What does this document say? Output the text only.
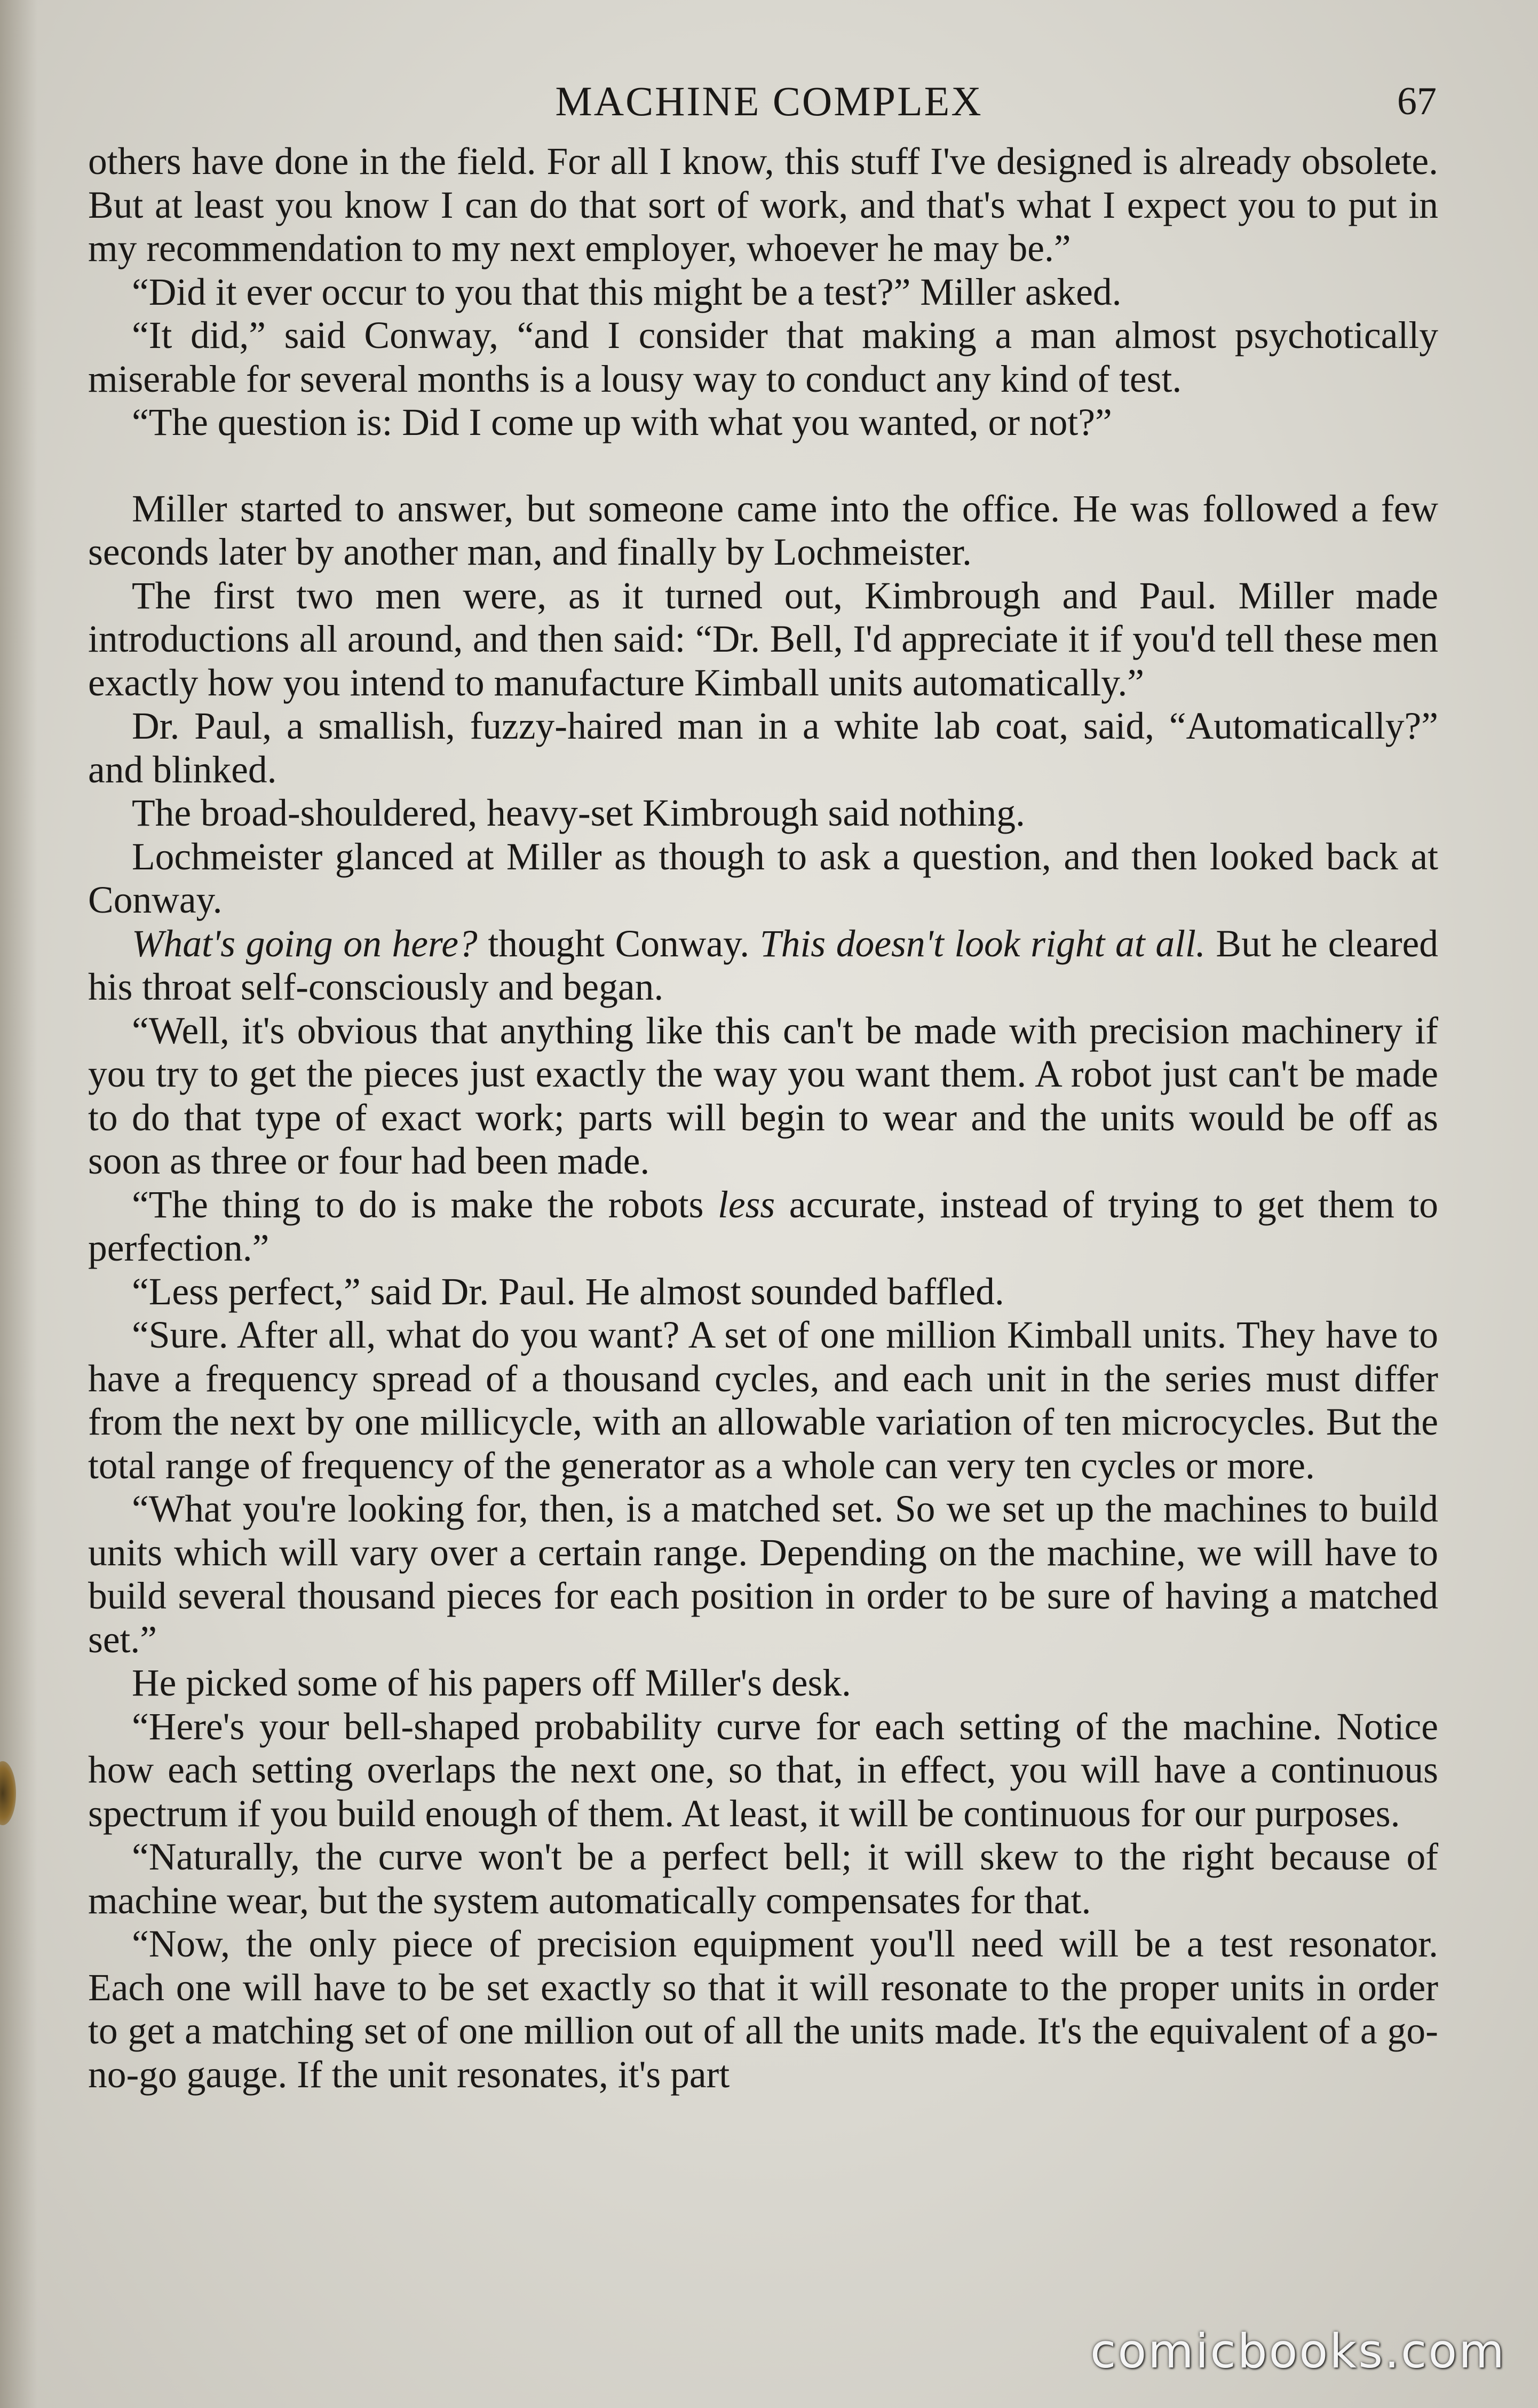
MACHINE COMPLEX	67

others have done in the field. For all I know, this stuff I've designed is already obsolete. But at least you know I can do that sort of work, and that's what I expect you to put in my recommendation to my next employer, whoever he may be.”

“Did it ever occur to you that this might be a test?” Miller asked.

“It did,” said Conway, “and I consider that making a man almost psychotically miserable for several months is a lousy way to conduct any kind of test.

“The question is: Did I come up with what you wanted, or not?”

Miller started to answer, but someone came into the office. He was followed a few seconds later by another man, and finally by Lochmeister.

The first two men were, as it turned out, Kimbrough and Paul. Miller made introductions all around, and then said: “Dr. Bell, I'd appreciate it if you'd tell these men exactly how you intend to manufacture Kimball units automatically.”

Dr. Paul, a smallish, fuzzy-haired man in a white lab coat, said, “Automatically?” and blinked.

The broad-shouldered, heavy-set Kimbrough said nothing.

Lochmeister glanced at Miller as though to ask a question, and then looked back at Conway.

What's going on here? thought Conway. This doesn't look right at all. But he cleared his throat self-consciously and began.

“Well, it's obvious that anything like this can't be made with precision machinery if you try to get the pieces just exactly the way you want them. A robot just can't be made to do that type of exact work; parts will begin to wear and the units would be off as soon as three or four had been made.

“The thing to do is make the robots less accurate, instead of trying to get them to perfection.”

“Less perfect,” said Dr. Paul. He almost sounded baffled.

“Sure. After all, what do you want? A set of one million Kimball units. They have to have a frequency spread of a thousand cycles, and each unit in the series must differ from the next by one millicycle, with an allowable variation of ten microcycles. But the total range of frequency of the generator as a whole can very ten cycles or more.

“What you're looking for, then, is a matched set. So we set up the machines to build units which will vary over a certain range. Depending on the machine, we will have to build several thousand pieces for each position in order to be sure of having a matched set.”

He picked some of his papers off Miller's desk.

“Here's your bell-shaped probability curve for each setting of the machine. Notice how each setting overlaps the next one, so that, in effect, you will have a continuous spectrum if you build enough of them. At least, it will be continuous for our purposes.

“Naturally, the curve won't be a perfect bell; it will skew to the right because of machine wear, but the system automatically compensates for that.

“Now, the only piece of precision equipment you'll need will be a test resonator. Each one will have to be set exactly so that it will resonate to the proper units in order to get a matching set of one million out of all the units made. It's the equivalent of a go-no-go gauge. If the unit resonates, it's part

comicbooks.com
